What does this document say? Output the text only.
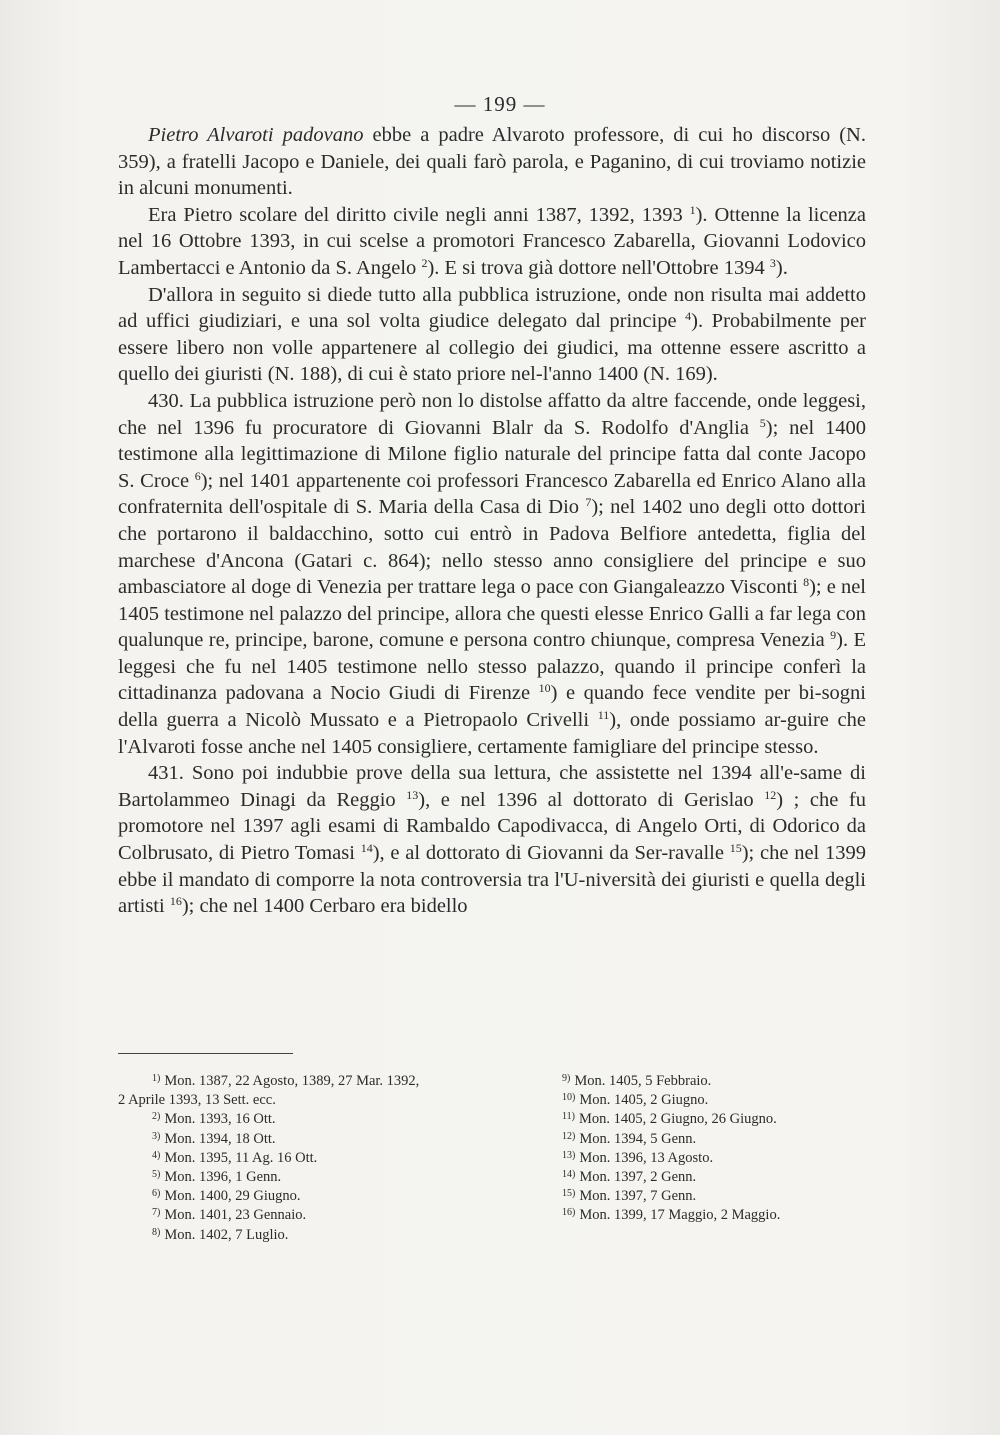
— 199 —

Pietro Alvaroti padovano ebbe a padre Alvaroto professore, di cui ho discorso (N. 359), a fratelli Jacopo e Daniele, dei quali farò parola, e Paganino, di cui troviamo notizie in alcuni monumenti.

Era Pietro scolare del diritto civile negli anni 1387, 1392, 1393 $^1$). Ottenne la licenza nel 16 Ottobre 1393, in cui scelse a promotori Francesco Zabarella, Giovanni Lodovico Lambertacci e Antonio da S. Angelo $^2$). E si trova già dottore nell'Ottobre 1394 $^3$).

D'allora in seguito si diede tutto alla pubblica istruzione, onde non risulta mai addetto ad uffici giudiziari, e una sol volta giudice delegato dal principe $^4$). Probabilmente per essere libero non volle appartenere al collegio dei giudici, ma ottenne essere ascritto a quello dei giuristi (N. 188), di cui è stato priore nel-l'anno 1400 (N. 169).

430. La pubblica istruzione però non lo distolse affatto da altre faccende, onde leggesi, che nel 1396 fu procuratore di Giovanni Blalr da S. Rodolfo d'Anglia $^5$); nel 1400 testimone alla legittimazione di Milone figlio naturale del principe fatta dal conte Jacopo S. Croce $^6$); nel 1401 appartenente coi professori Francesco Zabarella ed Enrico Alano alla confraternita dell'ospitale di S. Maria della Casa di Dio $^7$); nel 1402 uno degli otto dottori che portarono il baldacchino, sotto cui entrò in Padova Belfiore antedetta, figlia del marchese d'Ancona (Gatari c. 864); nello stesso anno consigliere del principe e suo ambasciatore al doge di Venezia per trattare lega o pace con Giangaleazzo Visconti $^8$); e nel 1405 testimone nel palazzo del principe, allora che questi elesse Enrico Galli a far lega con qualunque re, principe, barone, comune e persona contro chiunque, compresa Venezia $^9$). E leggesi che fu nel 1405 testimone nello stesso palazzo, quando il principe conferì la cittadinanza padovana a Nocio Giudi di Firenze $^{10}$) e quando fece vendite per bi-sogni della guerra a Nicolò Mussato e a Pietropaolo Crivelli $^{11}$), onde possiamo ar-guire che l'Alvaroti fosse anche nel 1405 consigliere, certamente famigliare del principe stesso.

431. Sono poi indubbie prove della sua lettura, che assistette nel 1394 all'e-same di Bartolammeo Dinagi da Reggio $^{13}$), e nel 1396 al dottorato di Gerislao $^{12}$) ; che fu promotore nel 1397 agli esami di Rambaldo Capodivacca, di Angelo Orti, di Odorico da Colbrusato, di Pietro Tomasi $^{14}$), e al dottorato di Giovanni da Ser-ravalle $^{15}$); che nel 1399 ebbe il mandato di comporre la nota controversia tra l'U-niversità dei giuristi e quella degli artisti $^{16}$); che nel 1400 Cerbaro era bidello

$^{1)}$ Mon. 1387, 22 Agosto, 1389, 27 Mar. 1392,
2 Aprile 1393, 13 Sett. ecc.
$^{2)}$ Mon. 1393, 16 Ott.
$^{3)}$ Mon. 1394, 18 Ott.
$^{4)}$ Mon. 1395, 11 Ag. 16 Ott.
$^{5)}$ Mon. 1396, 1 Genn.
$^{6)}$ Mon. 1400, 29 Giugno.
$^{7)}$ Mon. 1401, 23 Gennaio.
$^{8)}$ Mon. 1402, 7 Luglio.
$^{9)}$ Mon. 1405, 5 Febbraio.
$^{10)}$ Mon. 1405, 2 Giugno.
$^{11)}$ Mon. 1405, 2 Giugno, 26 Giugno.
$^{12)}$ Mon. 1394, 5 Genn.
$^{13)}$ Mon. 1396, 13 Agosto.
$^{14)}$ Mon. 1397, 2 Genn.
$^{15)}$ Mon. 1397, 7 Genn.
$^{16)}$ Mon. 1399, 17 Maggio, 2 Maggio.
